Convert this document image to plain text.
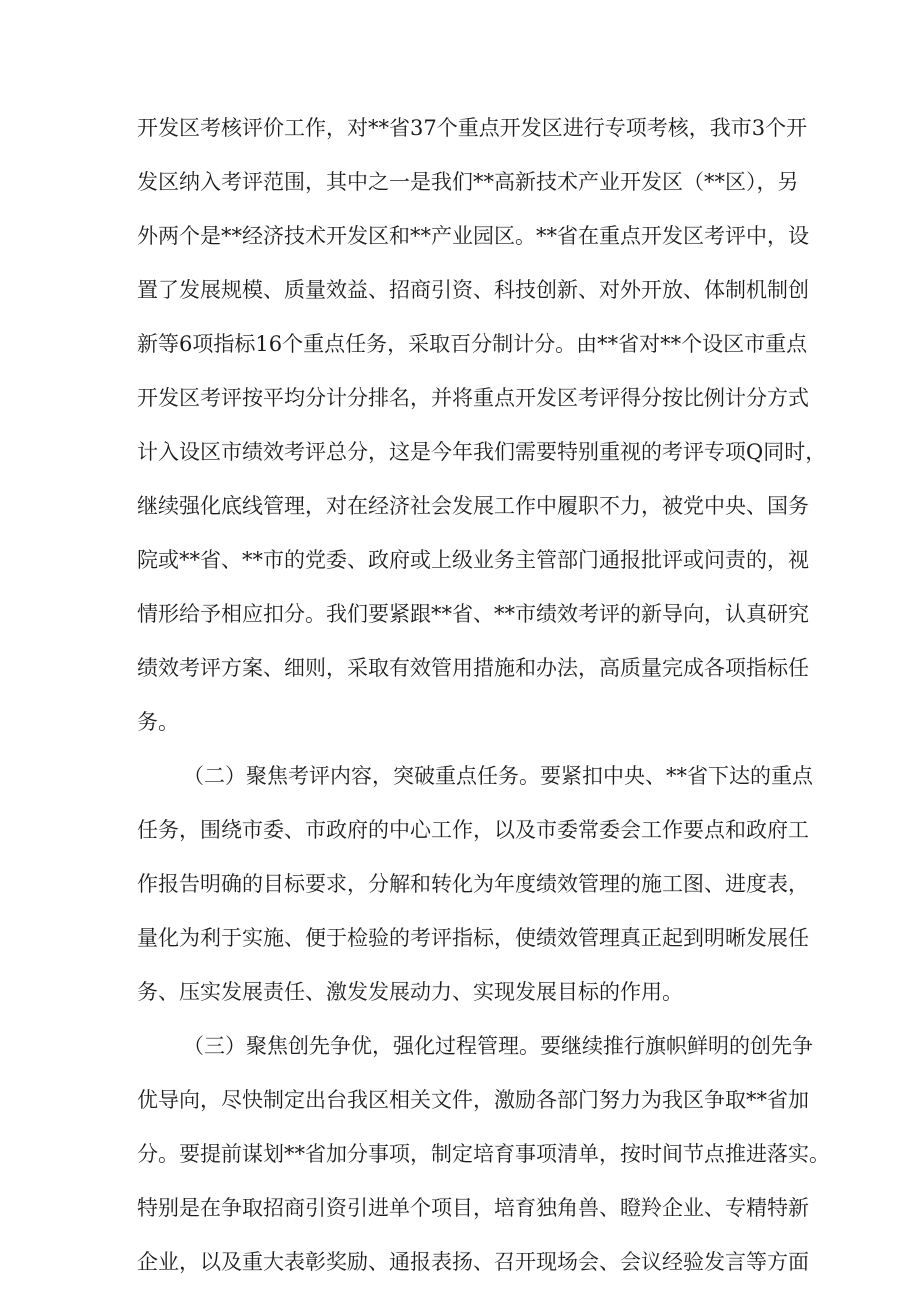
开发区考核评价工作，对**省37个重点开发区进行专项考核，我市3个开

发区纳入考评范围，其中之一是我们**高新技术产业开发区（**区），另

外两个是**经济技术开发区和**产业园区。**省在重点开发区考评中，设

置了发展规模、质量效益、招商引资、科技创新、对外开放、体制机制创

新等6项指标16个重点任务，采取百分制计分。由**省对**个设区市重点

开发区考评按平均分计分排名，并将重点开发区考评得分按比例计分方式

计入设区市绩效考评总分，这是今年我们需要特别重视的考评专项Q同时，

继续强化底线管理，对在经济社会发展工作中履职不力，被党中央、国务

院或**省、**市的党委、政府或上级业务主管部门通报批评或问责的，视

情形给予相应扣分。我们要紧跟**省、**市绩效考评的新导向，认真研究

绩效考评方案、细则，采取有效管用措施和办法，高质量完成各项指标任

务。

（二）聚焦考评内容，突破重点任务。要紧扣中央、**省下达的重点

任务，围绕市委、市政府的中心工作，以及市委常委会工作要点和政府工

作报告明确的目标要求，分解和转化为年度绩效管理的施工图、进度表，

量化为利于实施、便于检验的考评指标，使绩效管理真正起到明晰发展任

务、压实发展责任、激发发展动力、实现发展目标的作用。

（三）聚焦创先争优，强化过程管理。要继续推行旗帜鲜明的创先争

优导向，尽快制定出台我区相关文件，激励各部门努力为我区争取**省加

分。要提前谋划**省加分事项，制定培育事项清单，按时间节点推进落实。

特别是在争取招商引资引进单个项目，培育独角兽、瞪羚企业、专精特新

企业，以及重大表彰奖励、通报表扬、召开现场会、会议经验发言等方面
